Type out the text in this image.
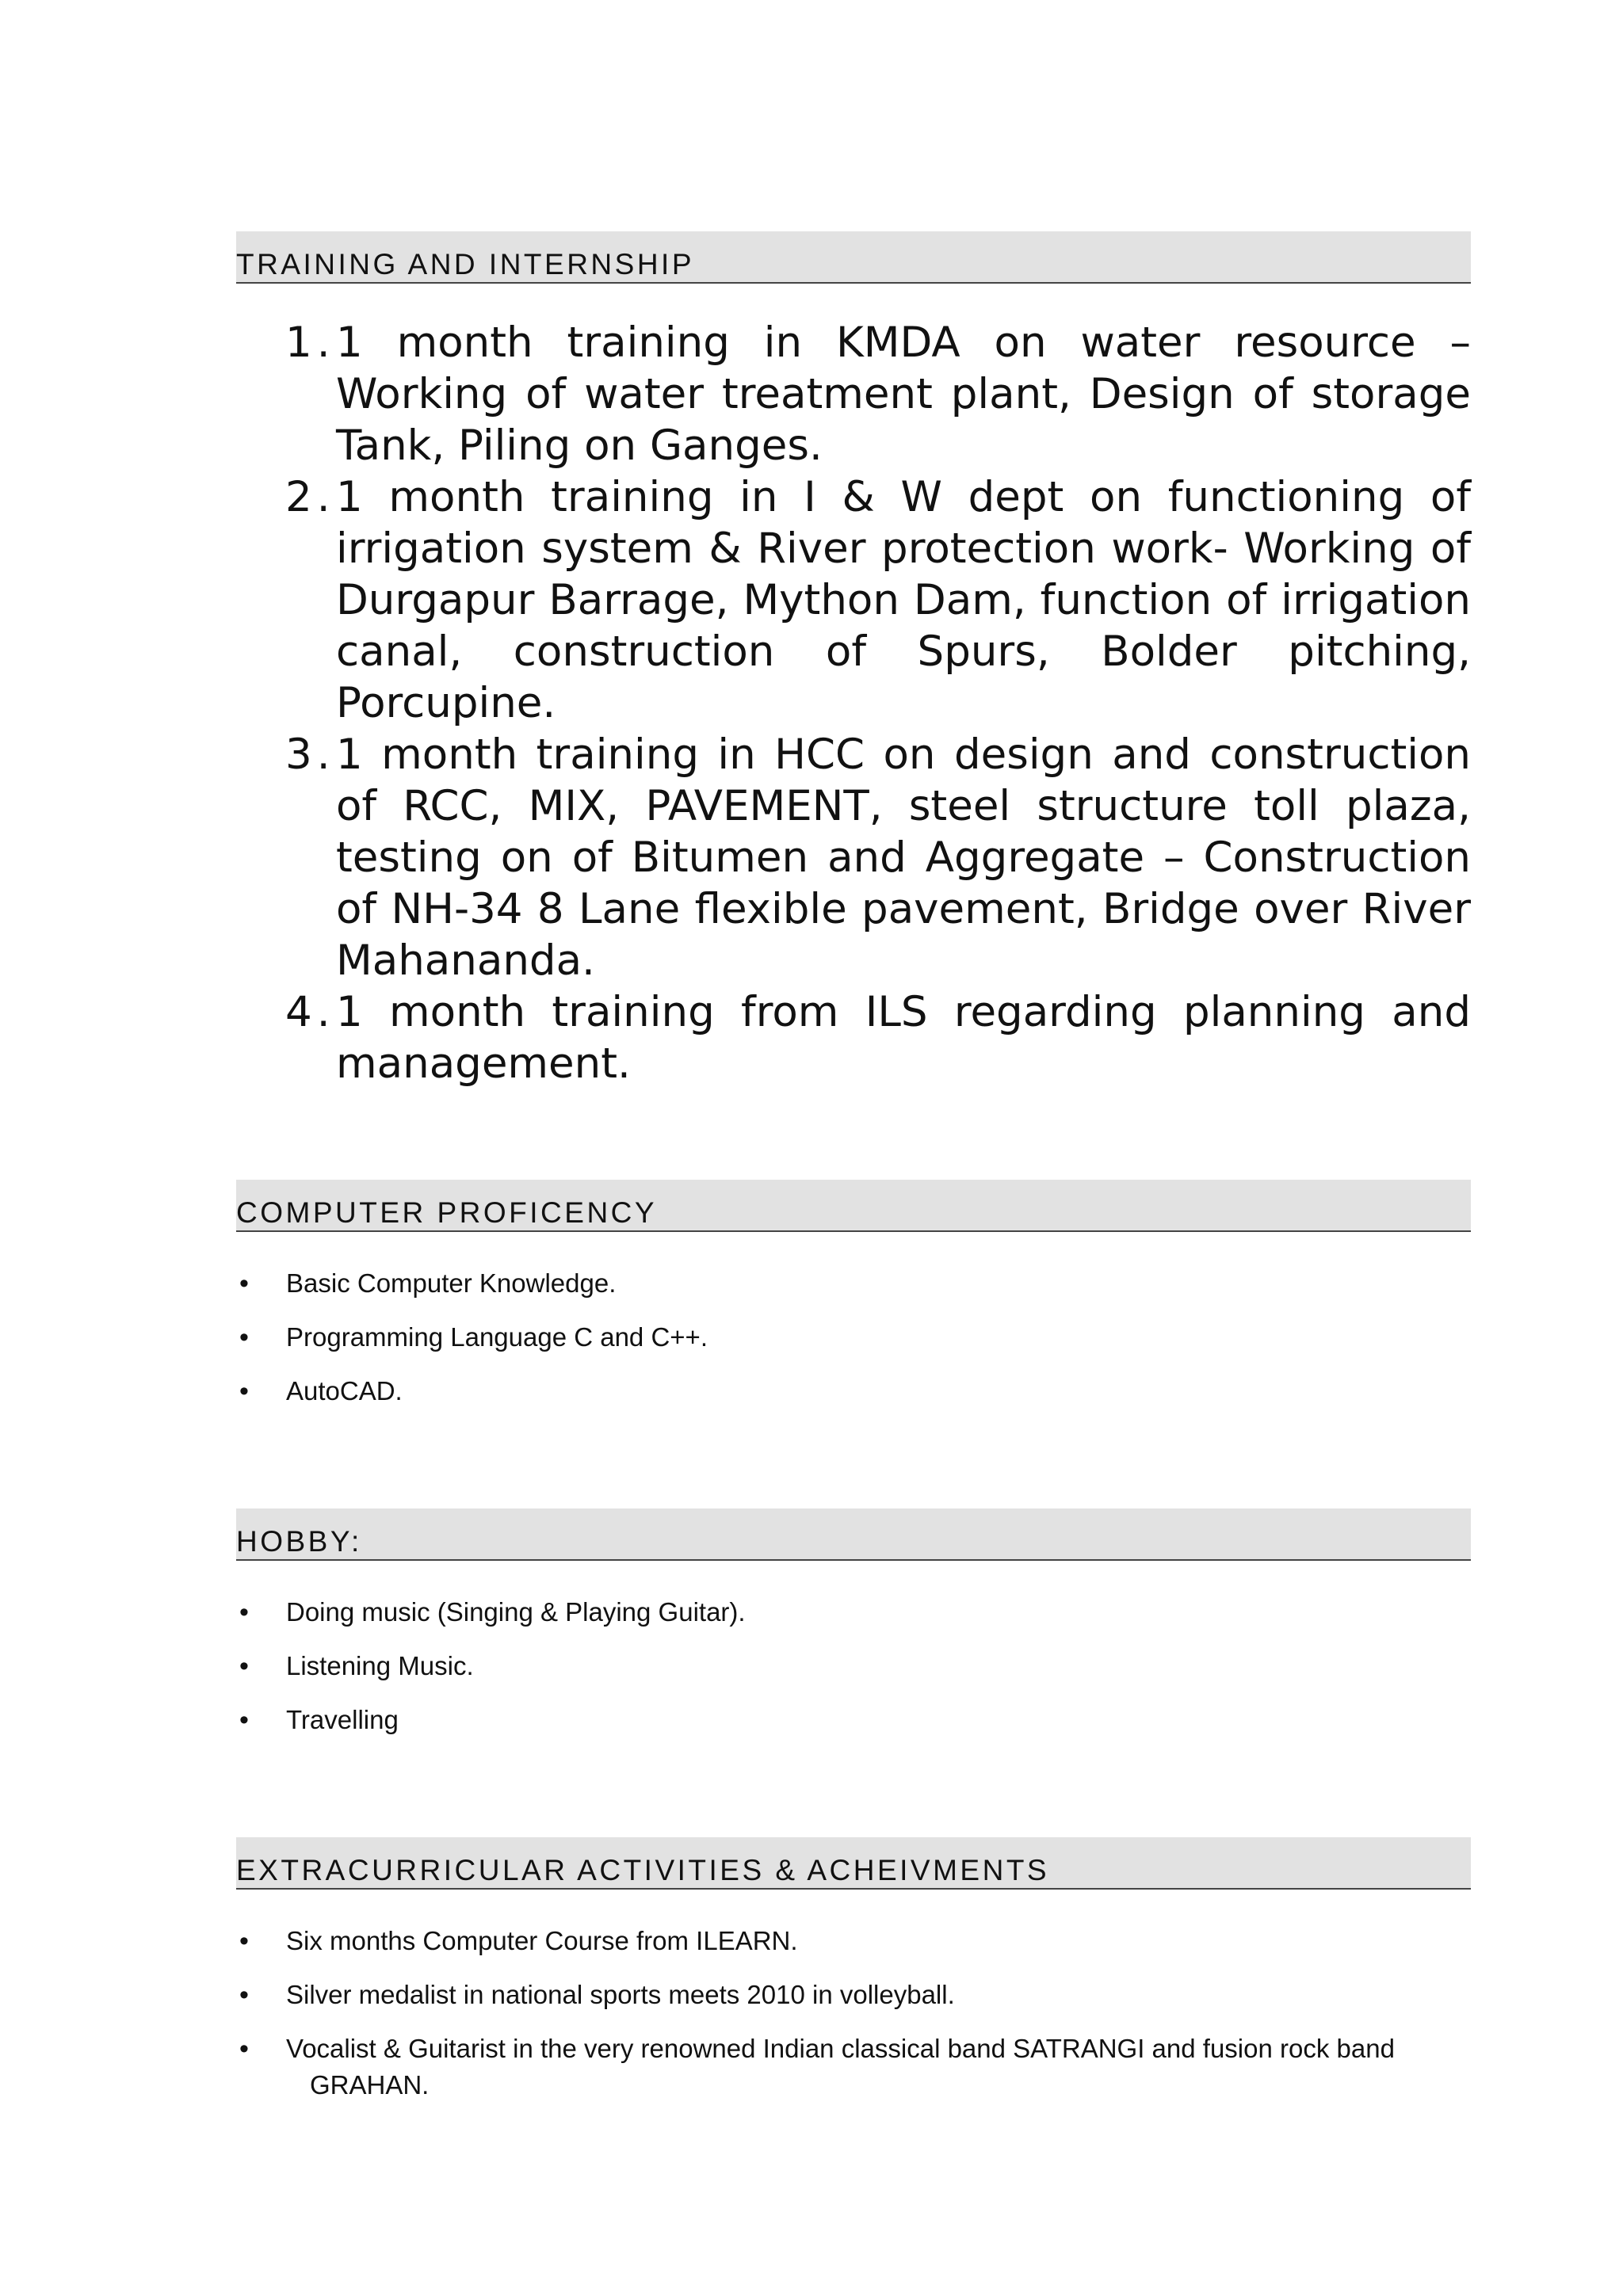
TRAINING AND INTERNSHIP
1. 1 month training in KMDA on water resource – Working of water treatment plant, Design of storage Tank, Piling on Ganges.
2. 1 month training in I & W dept on functioning of irrigation system & River protection work- Working of Durgapur Barrage, Mython Dam, function of irrigation canal, construction of Spurs, Bolder pitching, Porcupine.
3. 1 month training in HCC on design and construction of RCC, MIX, PAVEMENT, steel structure toll plaza, testing on of Bitumen and Aggregate – Construction of NH-34 8 Lane flexible pavement, Bridge over River Mahananda.
4. 1 month training from ILS regarding planning and management.
COMPUTER PROFICENCY
• Basic Computer Knowledge.
• Programming Language C and C++.
• AutoCAD.
HOBBY:
• Doing music (Singing & Playing Guitar).
• Listening Music.
• Travelling
EXTRACURRICULAR ACTIVITIES & ACHEIVMENTS
• Six months Computer Course from ILEARN.
• Silver medalist in national sports meets 2010 in volleyball.
• Vocalist & Guitarist in the very renowned Indian classical band SATRANGI and fusion rock band
GRAHAN.
